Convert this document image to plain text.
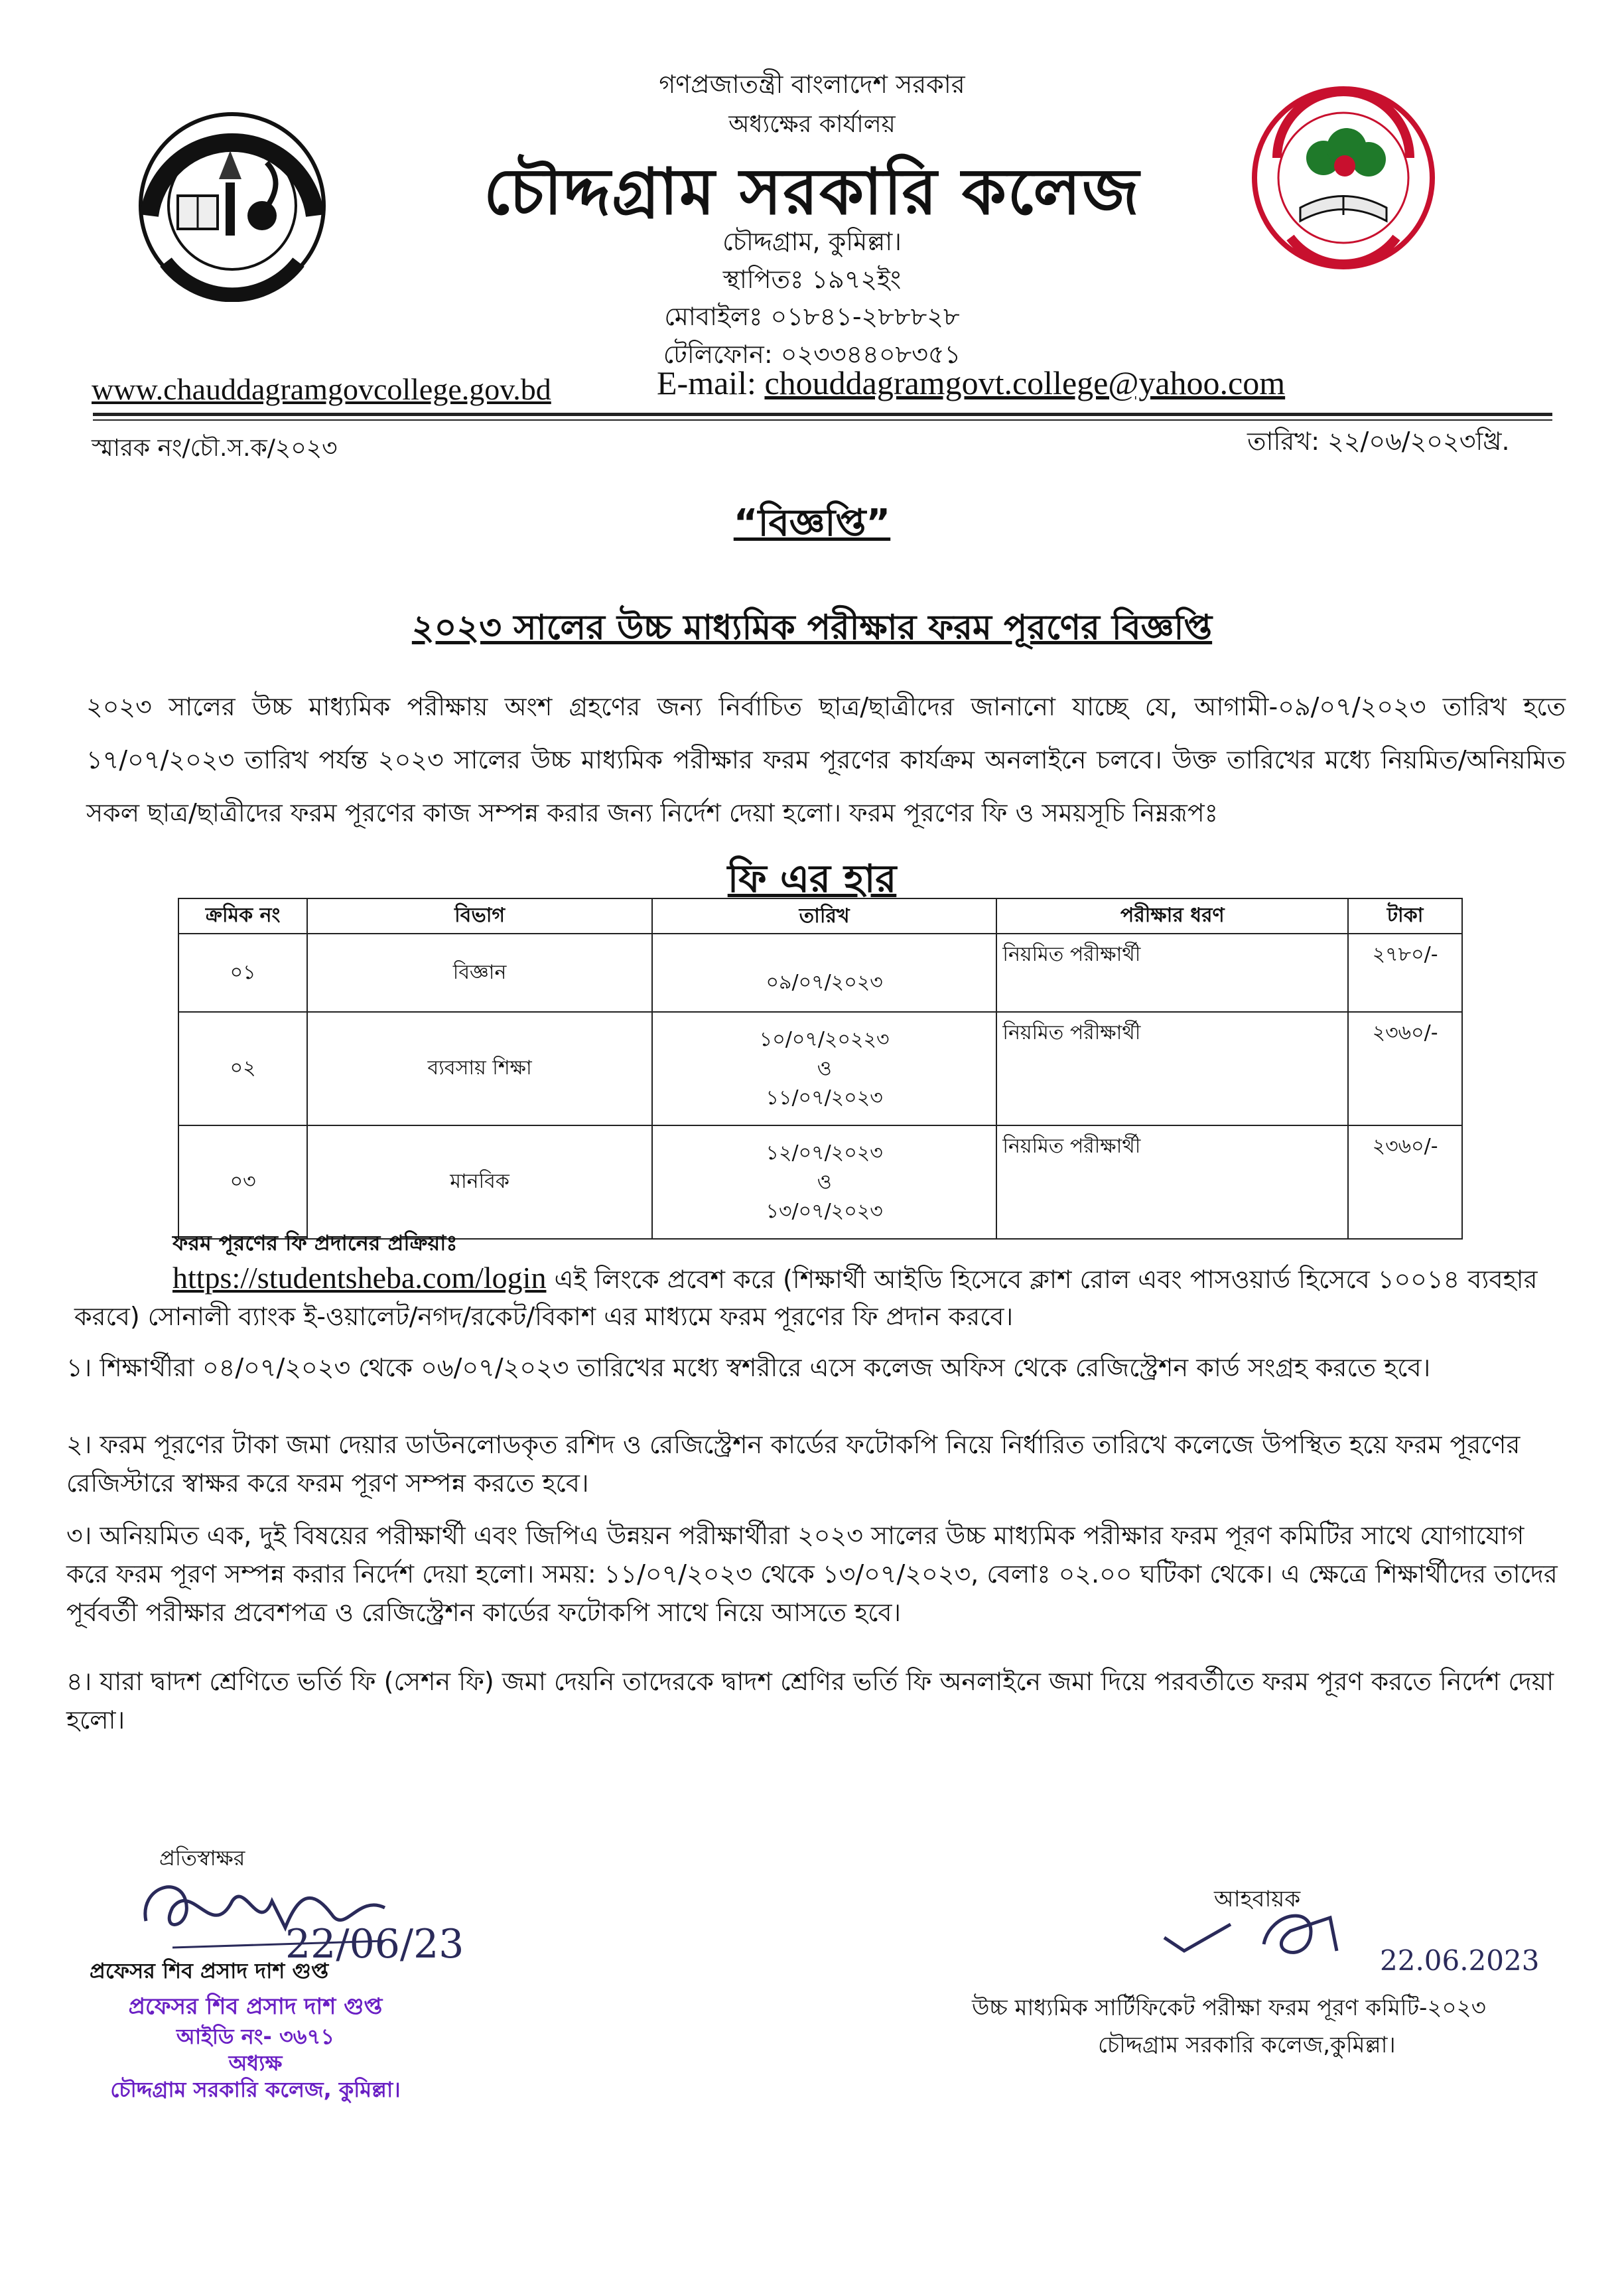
গণপ্রজাতন্ত্রী বাংলাদেশ সরকার
অধ্যক্ষের কার্যালয়
চৌদ্দগ্রাম সরকারি কলেজ
চৌদ্দগ্রাম, কুমিল্লা।
স্থাপিতঃ ১৯৭২ইং
মোবাইলঃ ০১৮৪১-২৮৮৮২৮
টেলিফোন: ০২৩৩৪৪০৮৩৫১
www.chauddagramgovcollege.gov.bd	E-mail: chouddagramgovt.college@yahoo.com
স্মারক নং/চৌ.স.ক/২০২৩	তারিখ: ২২/০৬/২০২৩খ্রি.
“বিজ্ঞপ্তি”
২০২৩ সালের উচ্চ মাধ্যমিক পরীক্ষার ফরম পূরণের বিজ্ঞপ্তি
২০২৩ সালের উচ্চ মাধ্যমিক পরীক্ষায় অংশ গ্রহণের জন্য নির্বাচিত ছাত্র/ছাত্রীদের জানানো যাচ্ছে যে, আগামী-০৯/০৭/২০২৩ তারিখ হতে ১৭/০৭/২০২৩ তারিখ পর্যন্ত ২০২৩ সালের উচ্চ মাধ্যমিক পরীক্ষার ফরম পূরণের কার্যক্রম অনলাইনে চলবে। উক্ত তারিখের মধ্যে নিয়মিত/অনিয়মিত সকল ছাত্র/ছাত্রীদের ফরম পূরণের কাজ সম্পন্ন করার জন্য নির্দেশ দেয়া হলো। ফরম পূরণের ফি ও সময়সূচি নিম্নরূপঃ
ফি এর হার
ক্রমিক নং	বিভাগ	তারিখ	পরীক্ষার ধরণ	টাকা
০১	বিজ্ঞান	০৯/০৭/২০২৩	নিয়মিত পরীক্ষার্থী	২৭৮০/-
০২	ব্যবসায় শিক্ষা	১০/০৭/২০২২৩
ও
১১/০৭/২০২৩	নিয়মিত পরীক্ষার্থী	২৩৬০/-
০৩	মানবিক	১২/০৭/২০২৩
ও
১৩/০৭/২০২৩	নিয়মিত পরীক্ষার্থী	২৩৬০/-
ফরম পূরণের ফি প্রদানের প্রক্রিয়াঃ
https://studentsheba.com/login এই লিংকে প্রবেশ করে (শিক্ষার্থী আইডি হিসেবে ক্লাশ রোল এবং পাসওয়ার্ড হিসেবে ১০০১৪ ব্যবহার করবে) সোনালী ব্যাংক ই-ওয়ালেট/নগদ/রকেট/বিকাশ এর মাধ্যমে ফরম পূরণের ফি প্রদান করবে।
১। শিক্ষার্থীরা ০৪/০৭/২০২৩ থেকে ০৬/০৭/২০২৩ তারিখের মধ্যে স্বশরীরে এসে কলেজ অফিস থেকে রেজিস্ট্রেশন কার্ড সংগ্রহ করতে হবে।
২। ফরম পূরণের টাকা জমা দেয়ার ডাউনলোডকৃত রশিদ ও রেজিস্ট্রেশন কার্ডের ফটোকপি নিয়ে নির্ধারিত তারিখে কলেজে উপস্থিত হয়ে ফরম পূরণের রেজিস্টারে স্বাক্ষর করে ফরম পূরণ সম্পন্ন করতে হবে।
৩। অনিয়মিত এক, দুই বিষয়ের পরীক্ষার্থী এবং জিপিএ উন্নয়ন পরীক্ষার্থীরা ২০২৩ সালের উচ্চ মাধ্যমিক পরীক্ষার ফরম পূরণ কমিটির সাথে যোগাযোগ করে ফরম পূরণ সম্পন্ন করার নির্দেশ দেয়া হলো। সময়: ১১/০৭/২০২৩ থেকে ১৩/০৭/২০২৩, বেলাঃ ০২.০০ ঘটিকা থেকে। এ ক্ষেত্রে শিক্ষার্থীদের তাদের পূর্ববর্তী পরীক্ষার প্রবেশপত্র ও রেজিস্ট্রেশন কার্ডের ফটোকপি সাথে নিয়ে আসতে হবে।
৪। যারা দ্বাদশ শ্রেণিতে ভর্তি ফি (সেশন ফি) জমা দেয়নি তাদেরকে দ্বাদশ শ্রেণির ভর্তি ফি অনলাইনে জমা দিয়ে পরবর্তীতে ফরম পূরণ করতে নির্দেশ দেয়া হলো।
প্রতিস্বাক্ষর
22/06/23
প্রফেসর শিব প্রসাদ দাশ গুপ্ত
প্রফেসর শিব প্রসাদ দাশ গুপ্ত
আইডি নং- ৩৬৭১
অধ্যক্ষ
চৌদ্দগ্রাম সরকারি কলেজ, কুমিল্লা।
আহবায়ক
22.06.2023
উচ্চ মাধ্যমিক সার্টিফিকেট পরীক্ষা ফরম পূরণ কমিটি-২০২৩
চৌদ্দগ্রাম সরকারি কলেজ,কুমিল্লা।
